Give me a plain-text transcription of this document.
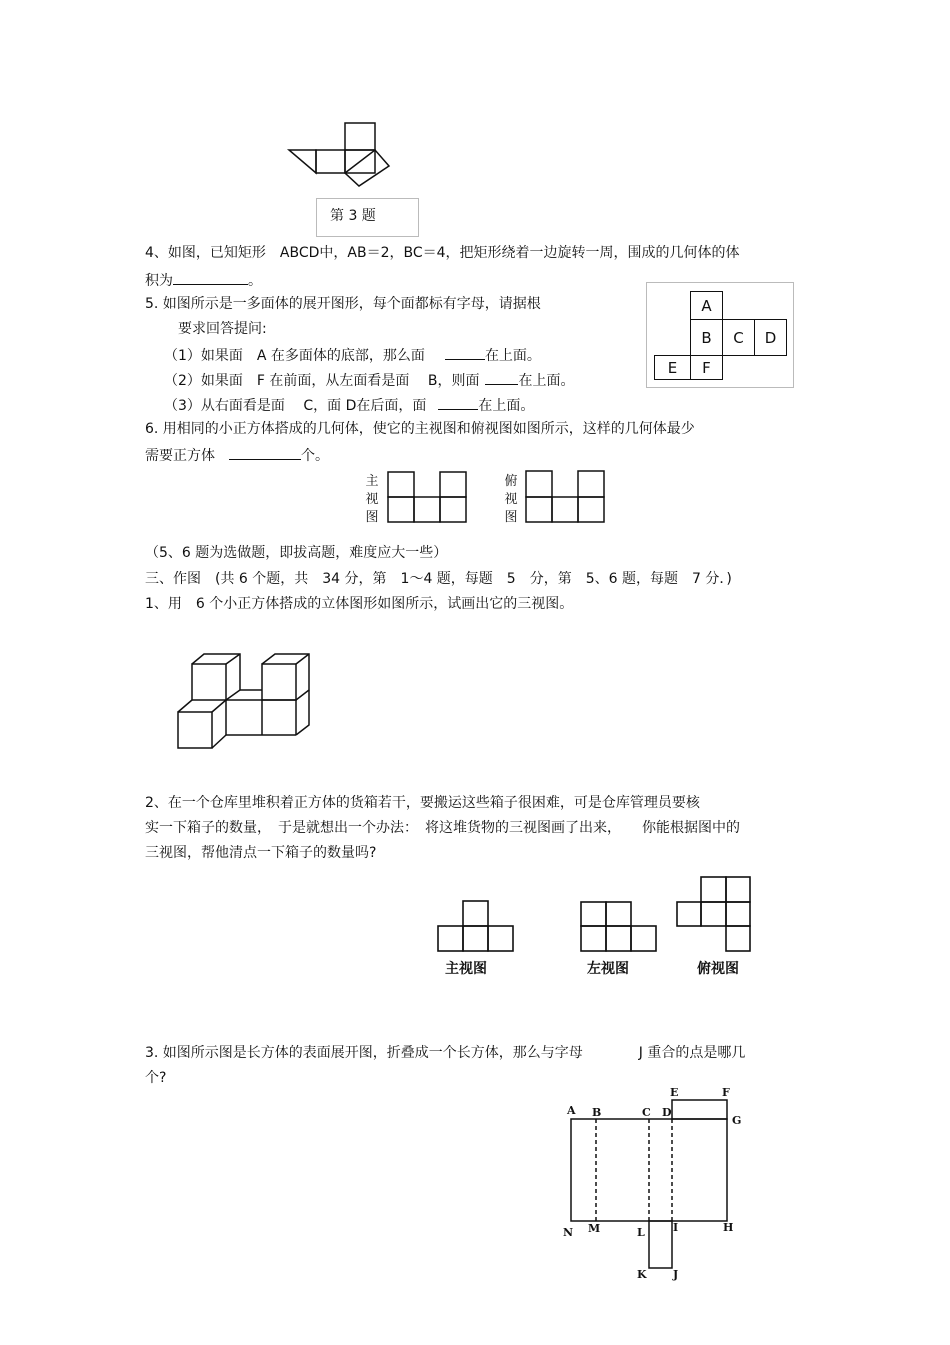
第 3 题
4、如图，已知矩形　ABCD中，AB＝2，BC＝4，把矩形绕着一边旋转一周，围成的几何体的体
积为	。
5. 如图所示是一多面体的展开图形，每个面都标有字母，请据根
要求回答提问:
（1）如果面　A 在多面体的底部，那么面	在上面。
（2）如果面　F 在前面，从左面看是面　 B，则面	在上面。
（3）从右面看是面　 C，面 D在后面，面	在上面。
A
B	C	D
E	F
6. 用相同的小正方体搭成的几何体，使它的主视图和俯视图如图所示，这样的几何体最少
需要正方体	个。
主视图
俯视图
（5、6 题为选做题，即拔高题，难度应大一些）
三、作图　(共 6 个题，共　34 分，第　1～4 题，每题　5　分，第　5、6 题，每题　7 分．)
1、用　6 个小正方体搭成的立体图形如图所示，试画出它的三视图。
2、在一个仓库里堆积着正方体的货箱若干，要搬运这些箱子很困难，可是仓库管理员要核
实一下箱子的数量，　于是就想出一个办法：　将这堆货物的三视图画了出来，　　你能根据图中的
三视图，帮他清点一下箱子的数量吗?
主视图	左视图	俯视图
3. 如图所示图是长方体的表面展开图，折叠成一个长方体，那么与字母　　　　J 重合的点是哪几
个?
A B	C D
E	F
G
H
I
J
K
L
M
N
